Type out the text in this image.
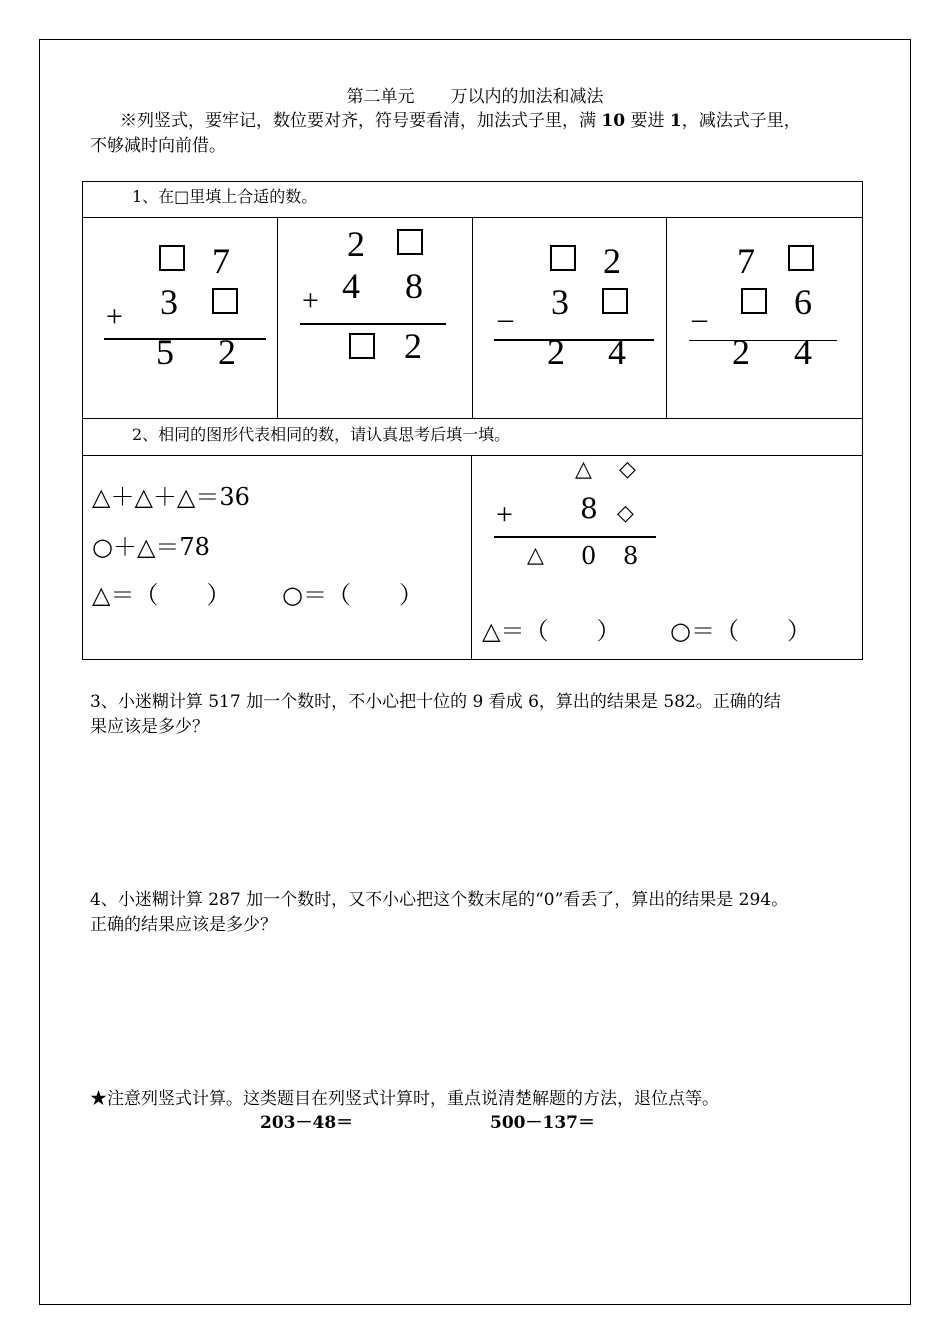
第二单元 万以内的加法和减法
※列竖式，要牢记，数位要对齐，符号要看清，加法式子里，满 10 要进 1，减法式子里，
不够减时向前借。
1、在□里填上合适的数。
7
+ 3
5 2
2
+ 4 8
2
2
_ 3
2 4
7
_ 6
2 4
2、相同的图形代表相同的数，请认真思考后填一填。
△＋△＋△＝36
○＋△＝78
△＝（　　） ○＝（　　）
△ ◇
+ 8 ◇
△ 0 8
△＝（　　） ○＝（　　）
3、小迷糊计算 517 加一个数时，不小心把十位的 9 看成 6，算出的结果是 582。正确的结
果应该是多少？
4、小迷糊计算 287 加一个数时，又不小心把这个数末尾的“0”看丢了，算出的结果是 294。
正确的结果应该是多少？
★注意列竖式计算。这类题目在列竖式计算时，重点说清楚解题的方法，退位点等。
203－48＝	500－137＝
